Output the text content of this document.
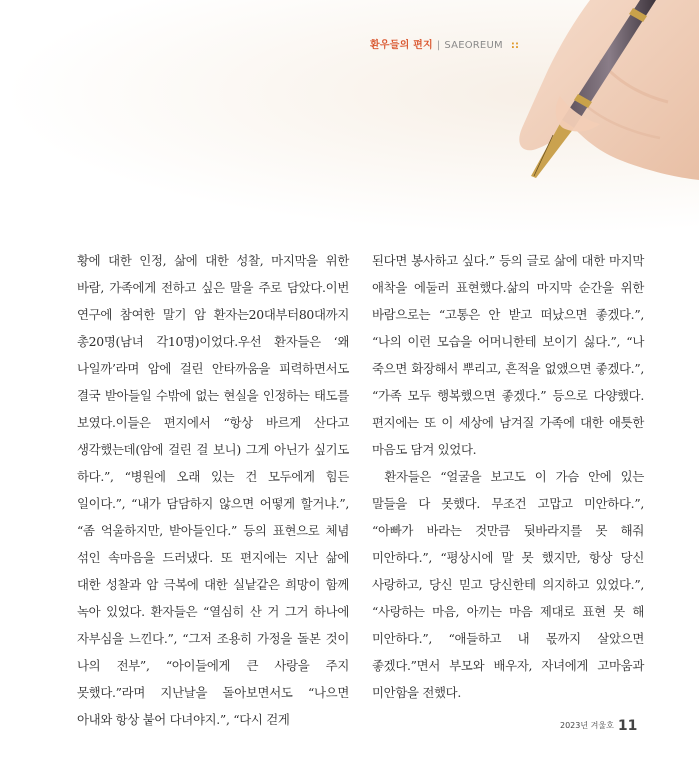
환우들의 편지 | SAEOREUM ::

황에 대한 인정, 삶에 대한 성찰, 마지막을 위한 바람, 가족에게 전하고 싶은 말을 주로 담았다.이번 연구에 참여한 말기 암 환자는20대부터80대까지 총20명(남녀 각10명)이었다.우선 환자들은 ‘왜 나일까’라며 암에 걸린 안타까움을 피력하면서도 결국 받아들일 수밖에 없는 현실을 인정하는 태도를 보였다.이들은 편지에서 “항상 바르게 산다고 생각했는데(암에 걸린 걸 보니) 그게 아닌가 싶기도 하다.”, “병원에 오래 있는 건 모두에게 힘든 일이다.”, “내가 담담하지 않으면 어떻게 할거냐.”, “좀 억울하지만, 받아들인다.” 등의 표현으로 체념 섞인 속마음을 드러냈다. 또 편지에는 지난 삶에 대한 성찰과 암 극복에 대한 실낱같은 희망이 함께 녹아 있었다. 환자들은 “열심히 산 거 그거 하나에 자부심을 느낀다.”, “그저 조용히 가정을 돌본 것이 나의 전부”, “아이들에게 큰 사랑을 주지 못했다.”라며 지난날을 돌아보면서도 “나으면 아내와 항상 붙어 다녀야지.”, “다시 걷게

된다면 봉사하고 싶다.” 등의 글로 삶에 대한 마지막 애착을 에둘러 표현했다.삶의 마지막 순간을 위한 바람으로는 “고통은 안 받고 떠났으면 좋겠다.”, “나의 이런 모습을 어머니한테 보이기 싫다.”, “나 죽으면 화장해서 뿌리고, 흔적을 없앴으면 좋겠다.”, “가족 모두 행복했으면 좋겠다.” 등으로 다양했다. 편지에는 또 이 세상에 남겨질 가족에 대한 애틋한 마음도 담겨 있었다.

환자들은 “얼굴을 보고도 이 가슴 안에 있는 말들을 다 못했다. 무조건 고맙고 미안하다.”, “아빠가 바라는 것만큼 뒷바라지를 못 해줘 미안하다.”, “평상시에 말 못 했지만, 항상 당신 사랑하고, 당신 믿고 당신한테 의지하고 있었다.”, “사랑하는 마음, 아끼는 마음 제대로 표현 못 해 미안하다.”, “애들하고 내 몫까지 살았으면 좋겠다.”면서 부모와 배우자, 자녀에게 고마움과 미안함을 전했다.

2023년 겨울호 11
